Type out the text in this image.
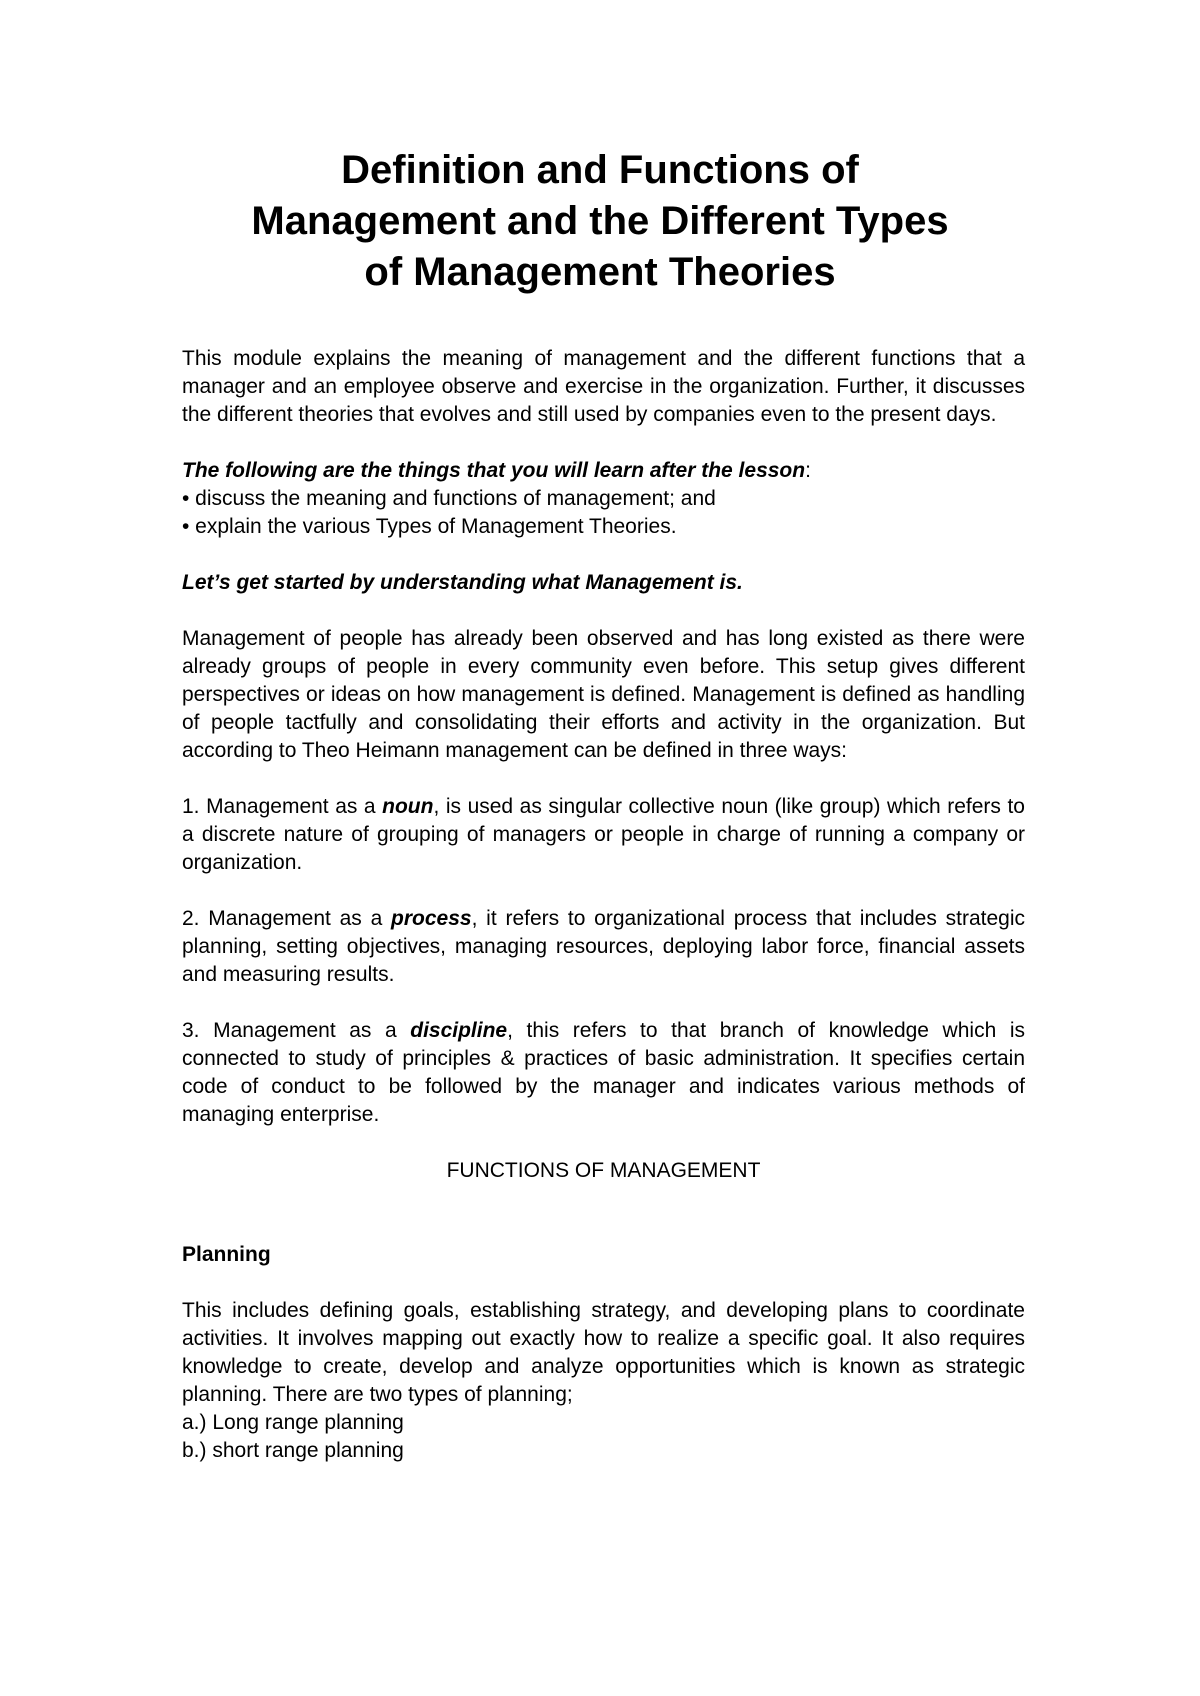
Definition and Functions of
Management and the Different Types
of Management Theories

This module explains the meaning of management and the different functions that a manager and an employee observe and exercise in the organization. Further, it discusses the different theories that evolves and still used by companies even to the present days.

The following are the things that you will learn after the lesson:

• discuss the meaning and functions of management; and

• explain the various Types of Management Theories.

Let’s get started by understanding what Management is.

Management of people has already been observed and has long existed as there were already groups of people in every community even before. This setup gives different perspectives or ideas on how management is defined. Management is defined as handling of people tactfully and consolidating their efforts and activity in the organization. But according to Theo Heimann management can be defined in three ways:

1. Management as a noun, is used as singular collective noun (like group) which refers to a discrete nature of grouping of managers or people in charge of running a company or organization.

2. Management as a process, it refers to organizational process that includes strategic planning, setting objectives, managing resources, deploying labor force, financial assets and measuring results.

3. Management as a discipline, this refers to that branch of knowledge which is connected to study of principles & practices of basic administration. It specifies certain code of conduct to be followed by the manager and indicates various methods of managing enterprise.

FUNCTIONS OF MANAGEMENT

Planning

This includes defining goals, establishing strategy, and developing plans to coordinate activities. It involves mapping out exactly how to realize a specific goal. It also requires knowledge to create, develop and analyze opportunities which is known as strategic planning. There are two types of planning;

a.) Long range planning

b.) short range planning
